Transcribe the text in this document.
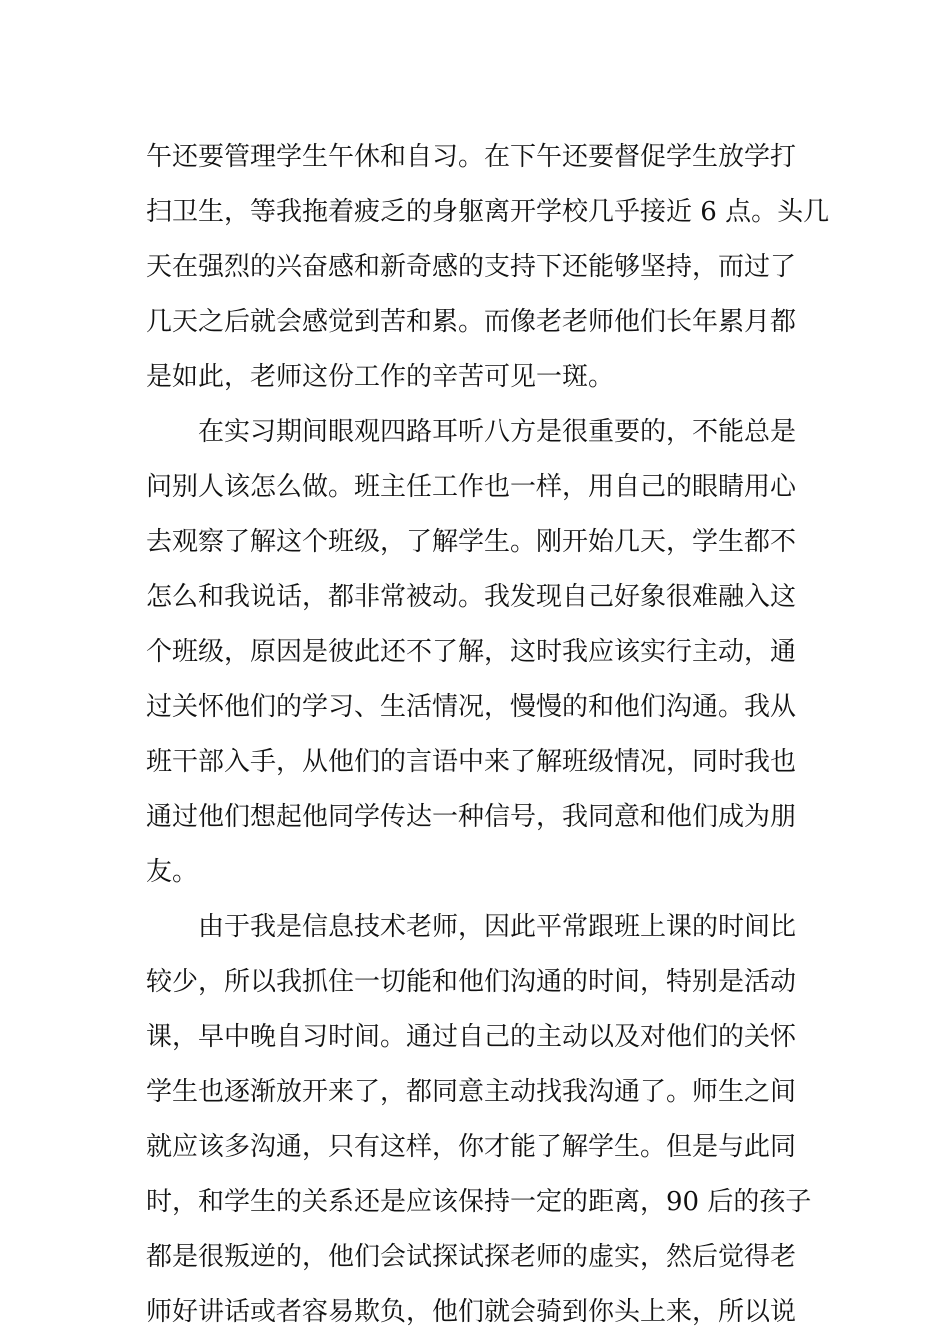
午还要管理学生午休和自习。在下午还要督促学生放学打
扫卫生，等我拖着疲乏的身躯离开学校几乎接近 6 点。头几
天在强烈的兴奋感和新奇感的支持下还能够坚持，而过了
几天之后就会感觉到苦和累。而像老老师他们长年累月都
是如此，老师这份工作的辛苦可见一斑。

在实习期间眼观四路耳听八方是很重要的，不能总是
问别人该怎么做。班主任工作也一样，用自己的眼睛用心
去观察了解这个班级，了解学生。刚开始几天，学生都不
怎么和我说话，都非常被动。我发现自己好象很难融入这
个班级，原因是彼此还不了解，这时我应该实行主动，通
过关怀他们的学习、生活情况，慢慢的和他们沟通。我从
班干部入手，从他们的言语中来了解班级情况，同时我也
通过他们想起他同学传达一种信号，我同意和他们成为朋
友。

由于我是信息技术老师，因此平常跟班上课的时间比
较少，所以我抓住一切能和他们沟通的时间，特别是活动
课，早中晚自习时间。通过自己的主动以及对他们的关怀
学生也逐渐放开来了，都同意主动找我沟通了。师生之间
就应该多沟通，只有这样，你才能了解学生。但是与此同
时，和学生的关系还是应该保持一定的距离，90 后的孩子
都是很叛逆的，他们会试探试探老师的虚实，然后觉得老
师好讲话或者容易欺负，他们就会骑到你头上来，所以说
